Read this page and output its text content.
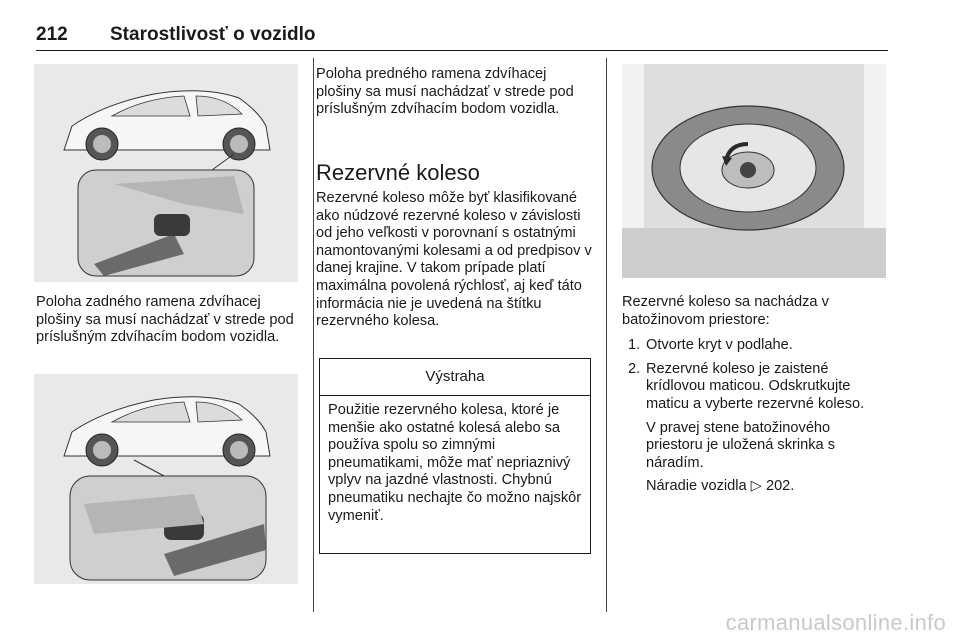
212 Starostlivosť o vozidlo
Poloha zadného ramena zdvíhacej plošiny sa musí nachádzať v strede pod príslušným zdvíhacím bodom vozidla.
Poloha predného ramena zdvíhacej plošiny sa musí nachádzať v strede pod príslušným zdvíhacím bodom vozidla.
Rezervné koleso

Rezervné koleso môže byť klasifikované ako núdzové rezervné koleso v závislosti od jeho veľkosti v porovnaní s ostatnými namontovanými kolesami a od predpisov v danej krajine. V takom prípade platí maximálna povolená rýchlosť, aj keď táto informácia nie je uvedená na štítku rezervného kolesa.

Výstraha
Použitie rezervného kolesa, ktoré je menšie ako ostatné kolesá alebo sa používa spolu so zimnými pneumatikami, môže mať nepriaznivý vplyv na jazdné vlastnosti. Chybnú pneumatiku nechajte čo možno najskôr vymeniť.

Rezervné koleso sa nachádza v batožinovom priestore:

1. Otvorte kryt v podlahe.
2. Rezervné koleso je zaistené krídlovou maticou. Odskrutkujte maticu a vyberte rezervné koleso.

V pravej stene batožinového priestoru je uložená skrinka s náradím.

Náradie vozidla ▷ 202.

carmanualsonline.info
